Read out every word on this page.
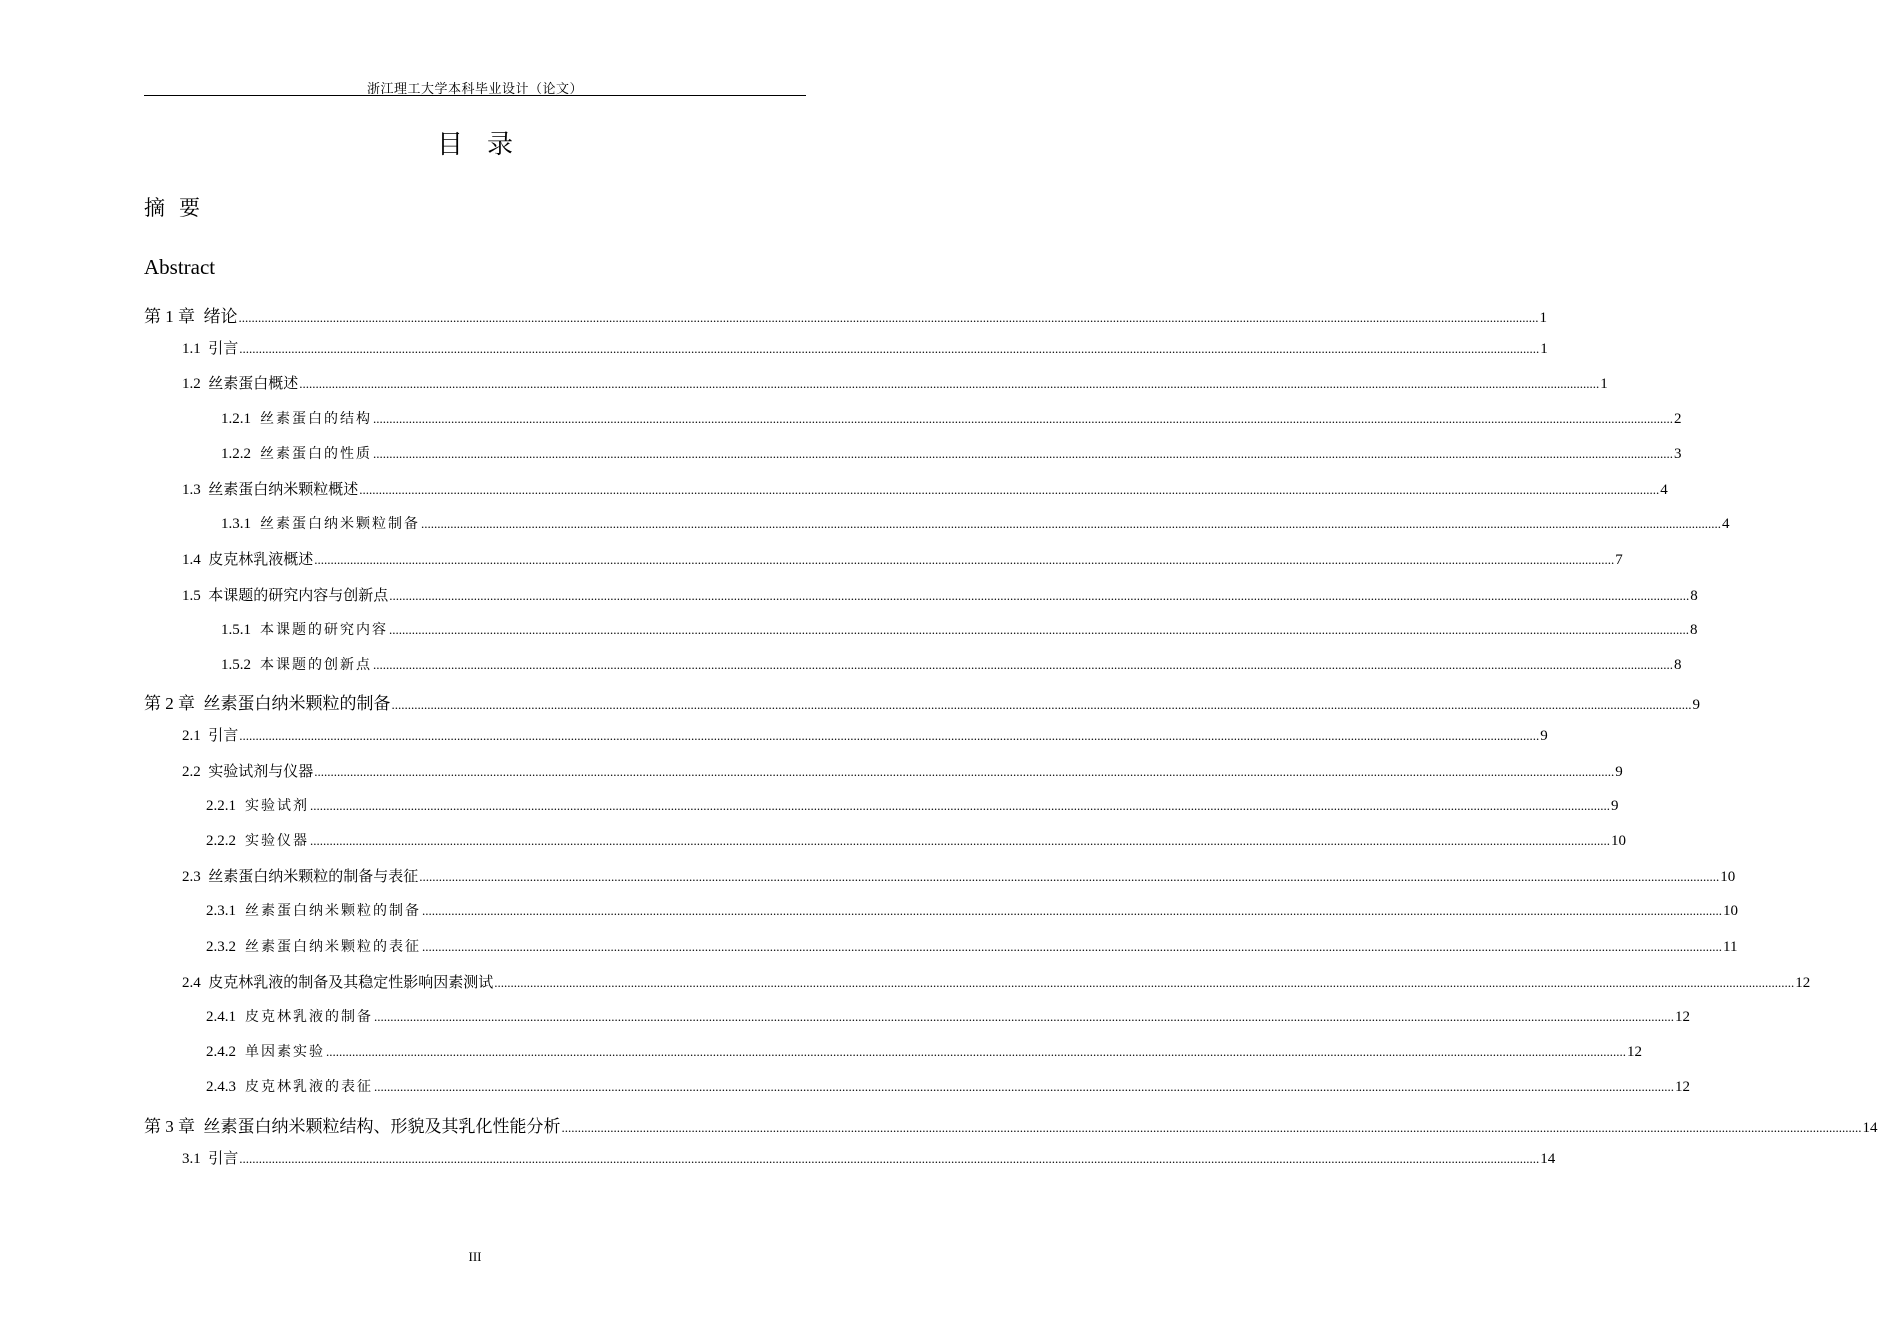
浙江理工大学本科毕业设计（论文）
目录
摘要
Abstract
第 1 章  绪论 ................................................................................................................................................................................................................................................................................................................................................................................................................ 1
1.1  引言 ................................................................................................................................................................................................................................................................................................................................................................................................................ 1
1.2  丝素蛋白概述 ................................................................................................................................................................................................................................................................................................................................................................................................................ 1
1.2.1  丝素蛋白的结构 ................................................................................................................................................................................................................................................................................................................................................................................................................ 2
1.2.2  丝素蛋白的性质 ................................................................................................................................................................................................................................................................................................................................................................................................................ 3
1.3  丝素蛋白纳米颗粒概述 ................................................................................................................................................................................................................................................................................................................................................................................................................ 4
1.3.1  丝素蛋白纳米颗粒制备 ................................................................................................................................................................................................................................................................................................................................................................................................................ 4
1.4  皮克林乳液概述 ................................................................................................................................................................................................................................................................................................................................................................................................................ 7
1.5  本课题的研究内容与创新点 ................................................................................................................................................................................................................................................................................................................................................................................................................ 8
1.5.1  本课题的研究内容 ................................................................................................................................................................................................................................................................................................................................................................................................................ 8
1.5.2  本课题的创新点 ................................................................................................................................................................................................................................................................................................................................................................................................................ 8
第 2 章  丝素蛋白纳米颗粒的制备 ................................................................................................................................................................................................................................................................................................................................................................................................................ 9
2.1  引言 ................................................................................................................................................................................................................................................................................................................................................................................................................ 9
2.2  实验试剂与仪器 ................................................................................................................................................................................................................................................................................................................................................................................................................ 9
2.2.1  实验试剂 ................................................................................................................................................................................................................................................................................................................................................................................................................ 9
2.2.2  实验仪器 ................................................................................................................................................................................................................................................................................................................................................................................................................ 10
2.3  丝素蛋白纳米颗粒的制备与表征 ................................................................................................................................................................................................................................................................................................................................................................................................................ 10
2.3.1  丝素蛋白纳米颗粒的制备 ................................................................................................................................................................................................................................................................................................................................................................................................................ 10
2.3.2  丝素蛋白纳米颗粒的表征 ................................................................................................................................................................................................................................................................................................................................................................................................................ 11
2.4  皮克林乳液的制备及其稳定性影响因素测试 ................................................................................................................................................................................................................................................................................................................................................................................................................ 12
2.4.1  皮克林乳液的制备 ................................................................................................................................................................................................................................................................................................................................................................................................................ 12
2.4.2  单因素实验 ................................................................................................................................................................................................................................................................................................................................................................................................................ 12
2.4.3  皮克林乳液的表征 ................................................................................................................................................................................................................................................................................................................................................................................................................ 12
第 3 章  丝素蛋白纳米颗粒结构、形貌及其乳化性能分析 ................................................................................................................................................................................................................................................................................................................................................................................................................ 14
3.1  引言 ................................................................................................................................................................................................................................................................................................................................................................................................................ 14
III
